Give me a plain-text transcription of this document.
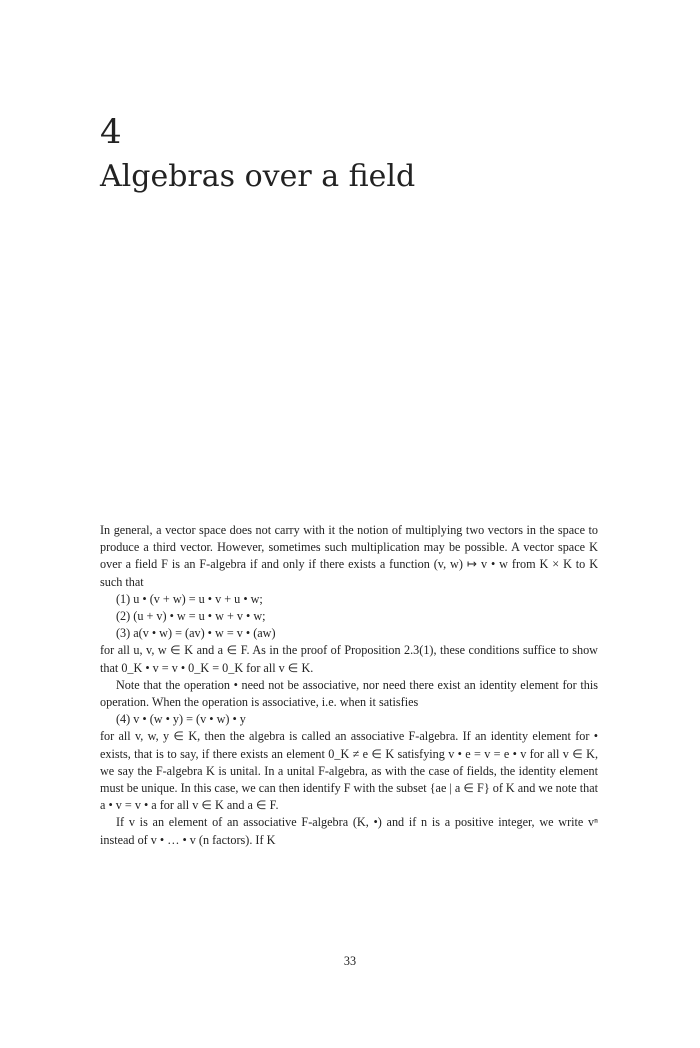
4
Algebras over a field

In general, a vector space does not carry with it the notion of multiplying two vectors in the space to produce a third vector. However, sometimes such multiplication may be possible. A vector space K over a field F is an F-algebra if and only if there exists a function (v, w) ↦ v • w from K × K to K such that

(1) u • (v + w) = u • v + u • w;

(2) (u + v) • w = u • w + v • w;

(3) a(v • w) = (av) • w = v • (aw)

for all u, v, w ∈ K and a ∈ F. As in the proof of Proposition 2.3(1), these conditions suffice to show that 0_K • v = v • 0_K = 0_K for all v ∈ K.

Note that the operation • need not be associative, nor need there exist an identity element for this operation. When the operation is associative, i.e. when it satisfies

(4) v • (w • y) = (v • w) • y

for all v, w, y ∈ K, then the algebra is called an associative F-algebra. If an identity element for • exists, that is to say, if there exists an element 0_K ≠ e ∈ K satisfying v • e = v = e • v for all v ∈ K, we say the F-algebra K is unital. In a unital F-algebra, as with the case of fields, the identity element must be unique. In this case, we can then identify F with the subset {ae | a ∈ F} of K and we note that a • v = v • a for all v ∈ K and a ∈ F.

If v is an element of an associative F-algebra (K, •) and if n is a positive integer, we write vⁿ instead of v • … • v (n factors). If K

33
